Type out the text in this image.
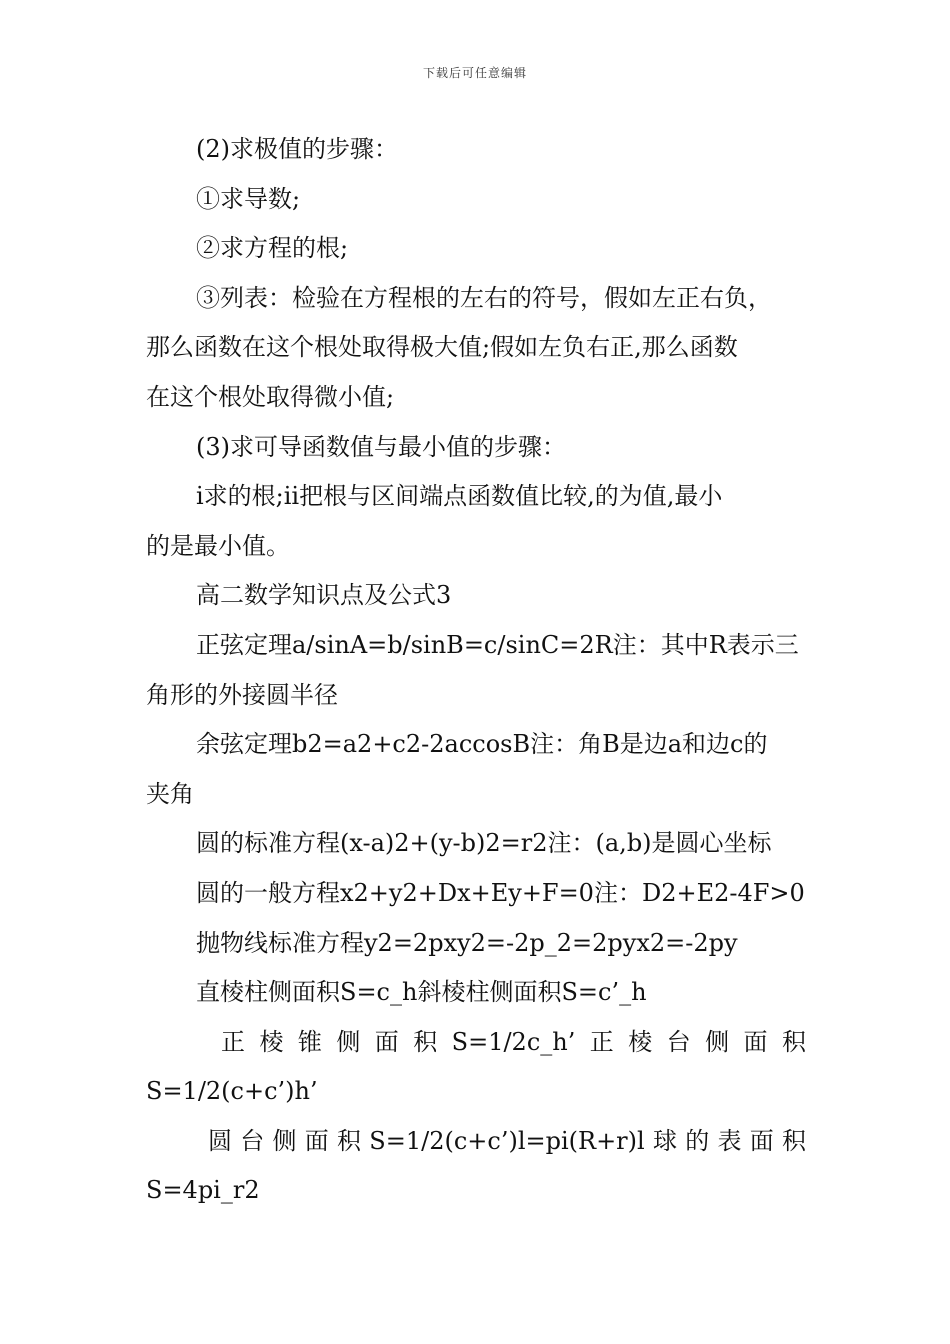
下载后可任意编辑
(2)求极值的步骤：
①求导数;
②求方程的根;
③列表：检验在方程根的左右的符号，假如左正右负，
那么函数在这个根处取得极大值;假如左负右正,那么函数
在这个根处取得微小值;
(3)求可导函数值与最小值的步骤：
ⅰ求的根;ⅱ把根与区间端点函数值比较,的为值,最小
的是最小值。
高二数学知识点及公式3
正弦定理a/sinA=b/sinB=c/sinC=2R注：其中R表示三
角形的外接圆半径
余弦定理b2=a2+c2-2accosB注：角B是边a和边c的
夹角
圆的标准方程(x-a)2+(y-b)2=r2注：(a,b)是圆心坐标
圆的一般方程x2+y2+Dx+Ey+F=0注：D2+E2-4F>0
抛物线标准方程y2=2pxy2=-2p_2=2pyx2=-2py
直棱柱侧面积S=c_h斜棱柱侧面积S=c’_h
正棱锥侧面积S=1/2c_h’正棱台侧面积
S=1/2(c+c’)h’
圆台侧面积S=1/2(c+c’)l=pi(R+r)l球的表面积
S=4pi_r2
